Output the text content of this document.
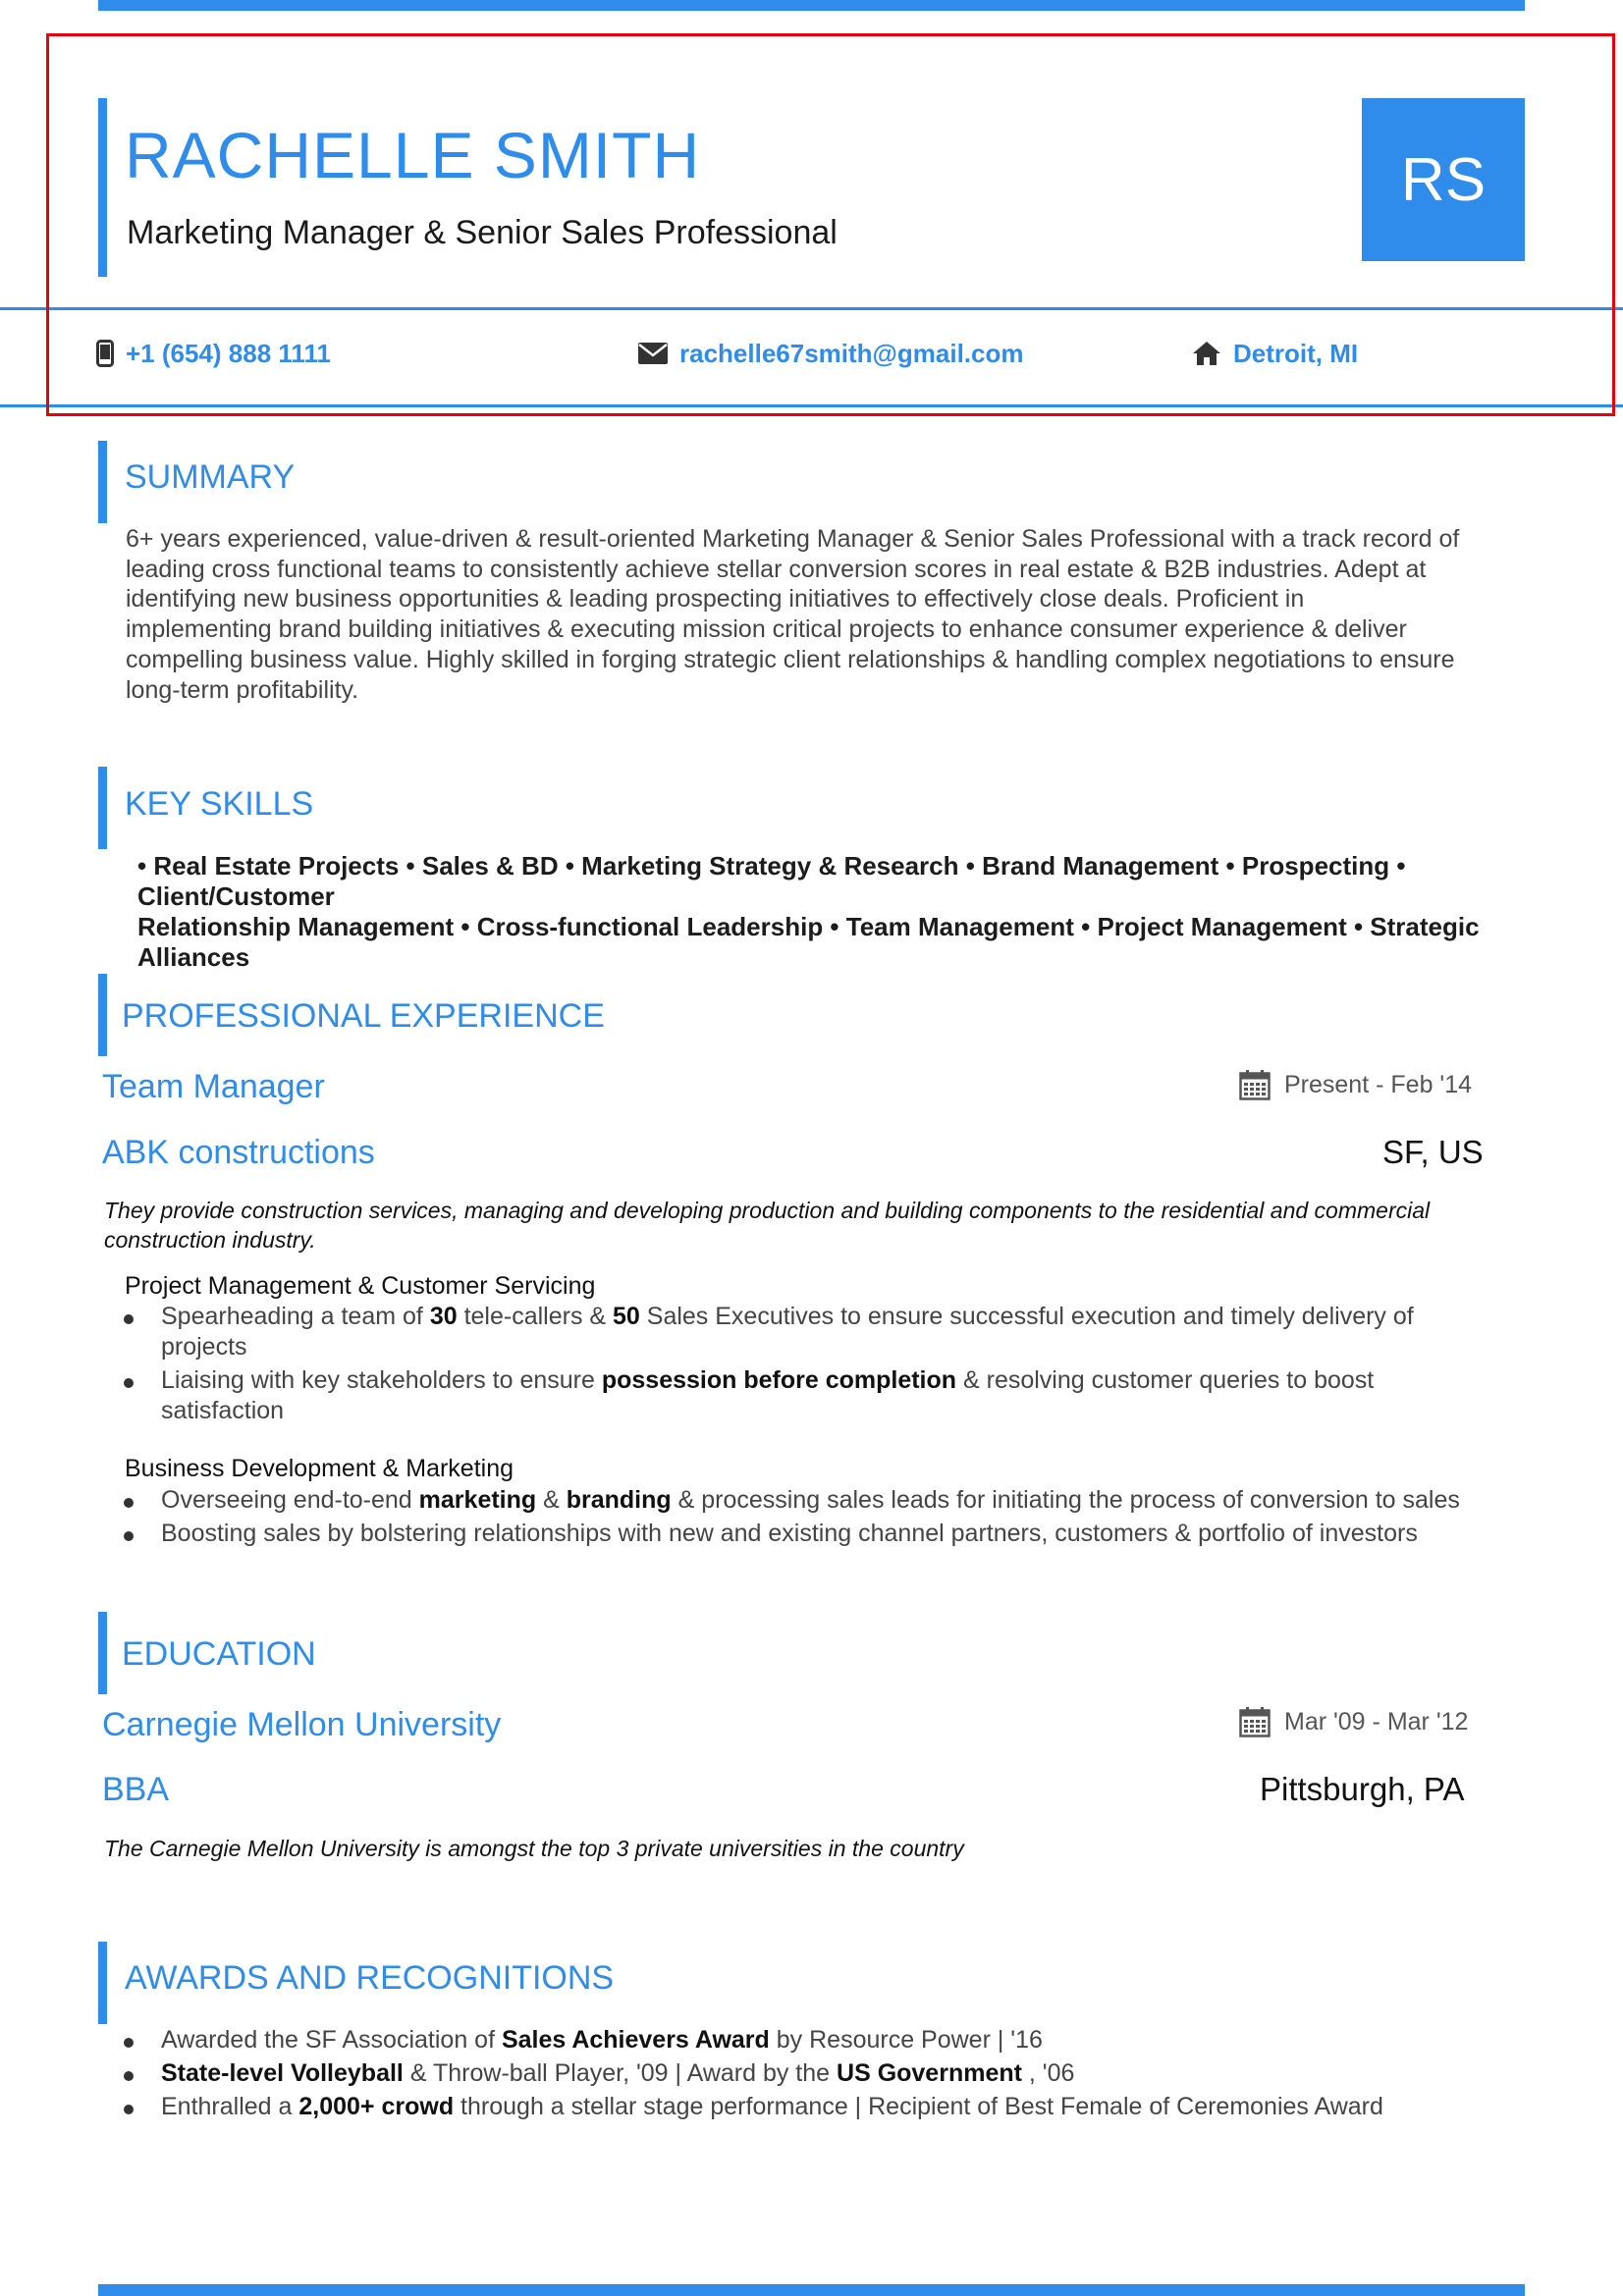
RACHELLE SMITH
Marketing Manager & Senior Sales Professional
RS
+1 (654) 888 1111	rachelle67smith@gmail.com	Detroit, MI
SUMMARY
6+ years experienced, value-driven & result-oriented Marketing Manager & Senior Sales Professional with a track record of
leading cross functional teams to consistently achieve stellar conversion scores in real estate & B2B industries. Adept at
identifying new business opportunities & leading prospecting initiatives to effectively close deals. Proficient in
implementing brand building initiatives & executing mission critical projects to enhance consumer experience & deliver
compelling business value. Highly skilled in forging strategic client relationships & handling complex negotiations to ensure
long-term profitability.
KEY SKILLS
• Real Estate Projects • Sales & BD • Marketing Strategy & Research • Brand Management • Prospecting • Client/Customer
Relationship Management • Cross-functional Leadership • Team Management • Project Management • Strategic Alliances
PROFESSIONAL EXPERIENCE
Team Manager	Present - Feb '14
ABK constructions	SF, US
They provide construction services, managing and developing production and building components to the residential and commercial
construction industry.
Project Management & Customer Servicing
Spearheading a team of 30 tele-callers & 50 Sales Executives to ensure successful execution and timely delivery of
projects
Liaising with key stakeholders to ensure possession before completion & resolving customer queries to boost
satisfaction
Business Development & Marketing
Overseeing end-to-end marketing & branding & processing sales leads for initiating the process of conversion to sales
Boosting sales by bolstering relationships with new and existing channel partners, customers & portfolio of investors
EDUCATION
Carnegie Mellon University	Mar '09 - Mar '12
BBA	Pittsburgh, PA
The Carnegie Mellon University is amongst the top 3 private universities in the country
AWARDS AND RECOGNITIONS
Awarded the SF Association of Sales Achievers Award by Resource Power | '16
State-level Volleyball & Throw-ball Player, '09 | Award by the US Government , '06
Enthralled a 2,000+ crowd through a stellar stage performance | Recipient of Best Female of Ceremonies Award
